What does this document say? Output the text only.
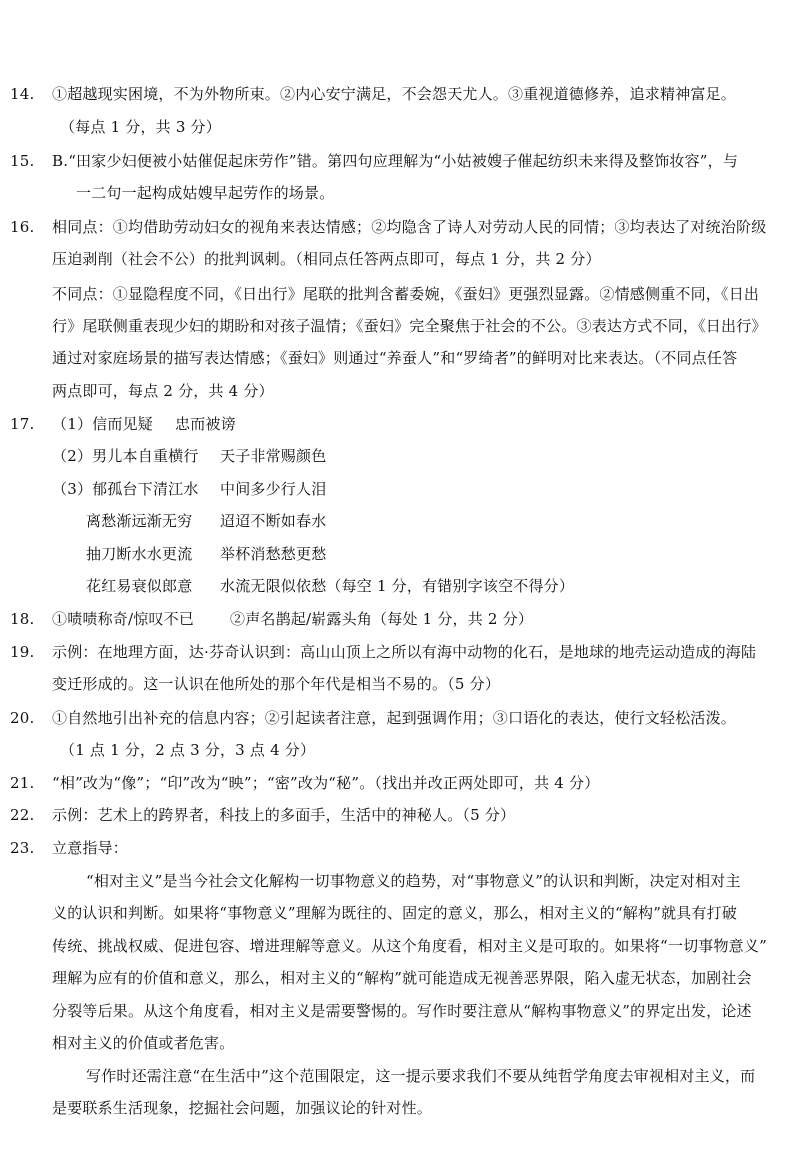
14. ①超越现实困境，不为外物所束。②内心安宁满足，不会怨天尤人。③重视道德修养，追求精神富足。
（每点 1 分，共 3 分）
15. B.“田家少妇便被小姑催促起床劳作”错。第四句应理解为“小姑被嫂子催起纺织未来得及整饰妆容”，与
一二句一起构成姑嫂早起劳作的场景。
16. 相同点：①均借助劳动妇女的视角来表达情感；②均隐含了诗人对劳动人民的同情；③均表达了对统治阶级
压迫剥削（社会不公）的批判讽刺。（相同点任答两点即可，每点 1 分，共 2 分）
不同点：①显隐程度不同，《日出行》尾联的批判含蓄委婉，《蚕妇》更强烈显露。②情感侧重不同，《日出
行》尾联侧重表现少妇的期盼和对孩子温情；《蚕妇》完全聚焦于社会的不公。③表达方式不同，《日出行》
通过对家庭场景的描写表达情感；《蚕妇》则通过“养蚕人”和“罗绮者”的鲜明对比来表达。（不同点任答
两点即可，每点 2 分，共 4 分）
17. （1）信而见疑 忠而被谤
（2）男儿本自重横行 天子非常赐颜色
（3）郁孤台下清江水 中间多少行人泪
离愁渐远渐无穷 迢迢不断如春水
抽刀断水水更流 举杯消愁愁更愁
花红易衰似郎意 水流无限似依愁（每空 1 分，有错别字该空不得分）
18. ①啧啧称奇/惊叹不已 ②声名鹊起/崭露头角（每处 1 分，共 2 分）
19. 示例：在地理方面，达·芬奇认识到：高山山顶上之所以有海中动物的化石，是地球的地壳运动造成的海陆
变迁形成的。这一认识在他所处的那个年代是相当不易的。（5 分）
20. ①自然地引出补充的信息内容；②引起读者注意，起到强调作用；③口语化的表达，使行文轻松活泼。
（1 点 1 分，2 点 3 分，3 点 4 分）
21. “相”改为“像”；“印”改为“映”；“密”改为“秘”。（找出并改正两处即可，共 4 分）
22. 示例：艺术上的跨界者，科技上的多面手，生活中的神秘人。（5 分）
23. 立意指导：
“相对主义”是当今社会文化解构一切事物意义的趋势，对“事物意义”的认识和判断，决定对相对主
义的认识和判断。如果将“事物意义”理解为既往的、固定的意义，那么，相对主义的“解构”就具有打破
传统、挑战权威、促进包容、增进理解等意义。从这个角度看，相对主义是可取的。如果将“一切事物意义”
理解为应有的价值和意义，那么，相对主义的“解构”就可能造成无视善恶界限，陷入虚无状态，加剧社会
分裂等后果。从这个角度看，相对主义是需要警惕的。写作时要注意从“解构事物意义”的界定出发，论述
相对主义的价值或者危害。
写作时还需注意“在生活中”这个范围限定，这一提示要求我们不要从纯哲学角度去审视相对主义，而
是要联系生活现象，挖掘社会问题，加强议论的针对性。
